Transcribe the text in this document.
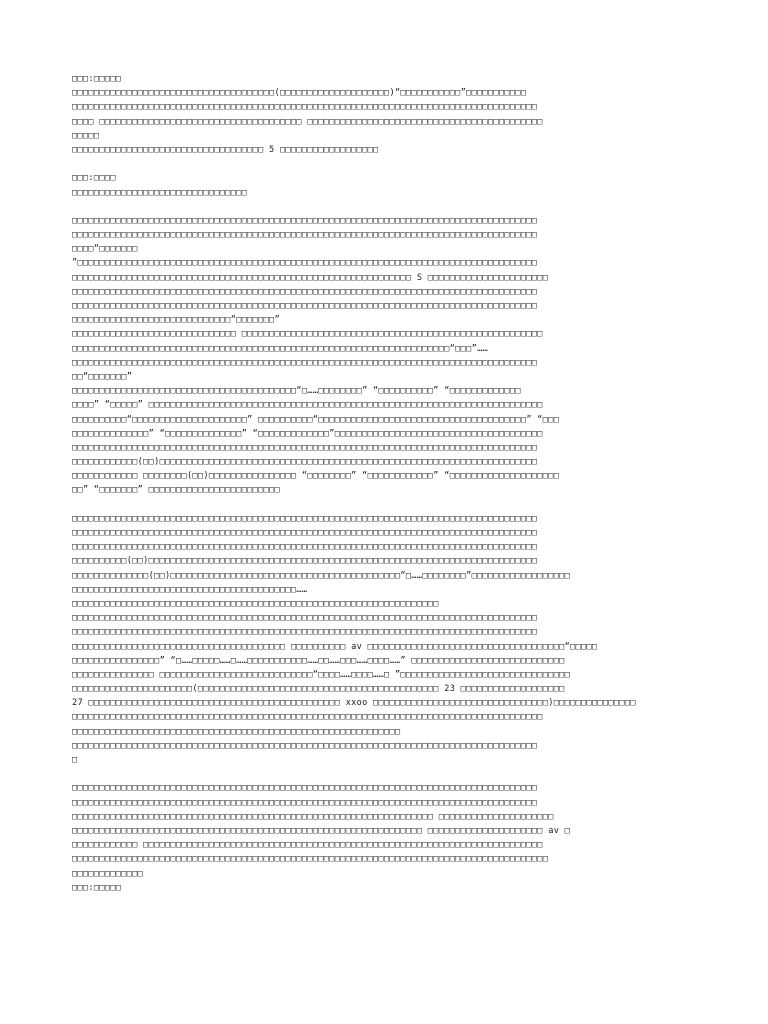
□□□:□□□□□
□□□□□□□□□□□□□□□□□□□□□□□□□□□□□□□□□□□□□(□□□□□□□□□□□□□□□□□□□□)“□□□□□□□□□□□”□□□□□□□□□□□
□□□□□□□□□□□□□□□□□□□□□□□□□□□□□□□□□□□□□□□□□□□□□□□□□□□□□□□□□□□□□□□□□□□□□□□□□□□□□□□□□□□□□
□□□□ □□□□□□□□□□□□□□□□□□□□□□□□□□□□□□□□□□□□□ □□□□□□□□□□□□□□□□□□□□□□□□□□□□□□□□□□□□□□□□□□□
□□□□□
□□□□□□□□□□□□□□□□□□□□□□□□□□□□□□□□□□□ 5 □□□□□□□□□□□□□□□□□□
□□□:□□□□
□□□□□□□□□□□□□□□□□□□□□□□□□□□□□□□□
□□□□□□□□□□□□□□□□□□□□□□□□□□□□□□□□□□□□□□□□□□□□□□□□□□□□□□□□□□□□□□□□□□□□□□□□□□□□□□□□□□□□□
□□□□□□□□□□□□□□□□□□□□□□□□□□□□□□□□□□□□□□□□□□□□□□□□□□□□□□□□□□□□□□□□□□□□□□□□□□□□□□□□□□□□□
□□□□“□□□□□□□
”□□□□□□□□□□□□□□□□□□□□□□□□□□□□□□□□□□□□□□□□□□□□□□□□□□□□□□□□□□□□□□□□□□□□□□□□□□□□□□□□□□□□
□□□□□□□□□□□□□□□□□□□□□□□□□□□□□□□□□□□□□□□□□□□□□□□□□□□□□□□□□□□□□□ S □□□□□□□□□□□□□□□□□□□□□□
□□□□□□□□□□□□□□□□□□□□□□□□□□□□□□□□□□□□□□□□□□□□□□□□□□□□□□□□□□□□□□□□□□□□□□□□□□□□□□□□□□□□□
□□□□□□□□□□□□□□□□□□□□□□□□□□□□□□□□□□□□□□□□□□□□□□□□□□□□□□□□□□□□□□□□□□□□□□□□□□□□□□□□□□□□□
□□□□□□□□□□□□□□□□□□□□□□□□□□□□□“□□□□□□□”
□□□□□□□□□□□□□□□□□□□□□□□□□□□□□□ □□□□□□□□□□□□□□□□□□□□□□□□□□□□□□□□□□□□□□□□□□□□□□□□□□□□□□□
□□□□□□□□□□□□□□□□□□□□□□□□□□□□□□□□□□□□□□□□□□□□□□□□□□□□□□□□□□□□□□□□□□□□□“□□□”……
□□□□□□□□□□□□□□□□□□□□□□□□□□□□□□□□□□□□□□□□□□□□□□□□□□□□□□□□□□□□□□□□□□□□□□□□□□□□□□□□□□□□□
□□“□□□□□□□”
□□□□□□□□□□□□□□□□□□□□□□□□□□□□□□□□□□□□□□□□□“□……□□□□□□□□” “□□□□□□□□□□” “□□□□□□□□□□□□□
□□□□” “□□□□□” □□□□□□□□□□□□□□□□□□□□□□□□□□□□□□□□□□□□□□□□□□□□□□□□□□□□□□□□□□□□□□□□□□□□□□□□
□□□□□□□□□□“□□□□□□□□□□□□□□□□□□□□□” □□□□□□□□□□“□□□□□□□□□□□□□□□□□□□□□□□□□□□□□□□□□□□□□□” “□□□
□□□□□□□□□□□□□□” “□□□□□□□□□□□□□□” “□□□□□□□□□□□□□”□□□□□□□□□□□□□□□□□□□□□□□□□□□□□□□□□□□□□□
□□□□□□□□□□□□□□□□□□□□□□□□□□□□□□□□□□□□□□□□□□□□□□□□□□□□□□□□□□□□□□□□□□□□□□□□□□□□□□□□□□□□□
□□□□□□□□□□□□(□□)□□□□□□□□□□□□□□□□□□□□□□□□□□□□□□□□□□□□□□□□□□□□□□□□□□□□□□□□□□□□□□□□□□□□□
□□□□□□□□□□□□ □□□□□□□□(□□)□□□□□□□□□□□□□□□□ “□□□□□□□□” “□□□□□□□□□□□□” “□□□□□□□□□□□□□□□□□□□□
□□” “□□□□□□□” □□□□□□□□□□□□□□□□□□□□□□□□
□□□□□□□□□□□□□□□□□□□□□□□□□□□□□□□□□□□□□□□□□□□□□□□□□□□□□□□□□□□□□□□□□□□□□□□□□□□□□□□□□□□□□
□□□□□□□□□□□□□□□□□□□□□□□□□□□□□□□□□□□□□□□□□□□□□□□□□□□□□□□□□□□□□□□□□□□□□□□□□□□□□□□□□□□□□
□□□□□□□□□□□□□□□□□□□□□□□□□□□□□□□□□□□□□□□□□□□□□□□□□□□□□□□□□□□□□□□□□□□□□□□□□□□□□□□□□□□□□
□□□□□□□□□□(□□)□□□□□□□□□□□□□□□□□□□□□□□□□□□□□□□□□□□□□□□□□□□□□□□□□□□□□□□□□□□□□□□□□□□□□□□
□□□□□□□□□□□□□□(□□)□□□□□□□□□□□□□□□□□□□□□□□□□□□□□□□□□□□□□□□□□□“□……□□□□□□□□”□□□□□□□□□□□□□□□□□□
□□□□□□□□□□□□□□□□□□□□□□□□□□□□□□□□□□□□□□□□□……
□□□□□□□□□□□□□□□□□□□□□□□□□□□□□□□□□□□□□□□□□□□□□□□□□□□□□□□□□□□□□□□□□□□
□□□□□□□□□□□□□□□□□□□□□□□□□□□□□□□□□□□□□□□□□□□□□□□□□□□□□□□□□□□□□□□□□□□□□□□□□□□□□□□□□□□□□
□□□□□□□□□□□□□□□□□□□□□□□□□□□□□□□□□□□□□□□□□□□□□□□□□□□□□□□□□□□□□□□□□□□□□□□□□□□□□□□□□□□□□
□□□□□□□□□□□□□□□□□□□□□□□□□□□□□□□□□□□□□□□ □□□□□□□□□□ av □□□□□□□□□□□□□□□□□□□□□□□□□□□□□□□□□□□□“□□□□□
□□□□□□□□□□□□□□□□” “□……□□□□□……□……□□□□□□□□□□□……□□……□□□……□□□□……” □□□□□□□□□□□□□□□□□□□□□□□□□□□□
□□□□□□□□□□□□□□□ □□□□□□□□□□□□□□□□□□□□□□□□□□□□“□□□□……□□□□……□ ”□□□□□□□□□□□□□□□□□□□□□□□□□□□□□□□
□□□□□□□□□□□□□□□□□□□□□□(□□□□□□□□□□□□□□□□□□□□□□□□□□□□□□□□□□□□□□□□□□□□ 23 □□□□□□□□□□□□□□□□□□□
27 □□□□□□□□□□□□□□□□□□□□□□□□□□□□□□□□□□□□□□□□□□□□□□ xxoo □□□□□□□□□□□□□□□□□□□□□□□□□□□□□□□□)□□□□□□□□□□□□□□□
□□□□□□□□□□□□□□□□□□□□□□□□□□□□□□□□□□□□□□□□□□□□□□□□□□□□□□□□□□□□□□□□□□□□□□□□□□□□□□□□□□□□□□
□□□□□□□□□□□□□□□□□□□□□□□□□□□□□□□□□□□□□□□□□□□□□□□□□□□□□□□□□□□□
□□□□□□□□□□□□□□□□□□□□□□□□□□□□□□□□□□□□□□□□□□□□□□□□□□□□□□□□□□□□□□□□□□□□□□□□□□□□□□□□□□□□□
□
□□□□□□□□□□□□□□□□□□□□□□□□□□□□□□□□□□□□□□□□□□□□□□□□□□□□□□□□□□□□□□□□□□□□□□□□□□□□□□□□□□□□□
□□□□□□□□□□□□□□□□□□□□□□□□□□□□□□□□□□□□□□□□□□□□□□□□□□□□□□□□□□□□□□□□□□□□□□□□□□□□□□□□□□□□□
□□□□□□□□□□□□□□□□□□□□□□□□□□□□□□□□□□□□□□□□□□□□□□□□□□□□□□□□□□□□□□□□□□ □□□□□□□□□□□□□□□□□□□□□
□□□□□□□□□□□□□□□□□□□□□□□□□□□□□□□□□□□□□□□□□□□□□□□□□□□□□□□□□□□□□□□□ □□□□□□□□□□□□□□□□□□□□□ av □
□□□□□□□□□□□□ □□□□□□□□□□□□□□□□□□□□□□□□□□□□□□□□□□□□□□□□□□□□□□□□□□□□□□□□□□□□□□□□□□□□□□□□□
□□□□□□□□□□□□□□□□□□□□□□□□□□□□□□□□□□□□□□□□□□□□□□□□□□□□□□□□□□□□□□□□□□□□□□□□□□□□□□□□□□□□□□□
□□□□□□□□□□□□□
□□□:□□□□□
